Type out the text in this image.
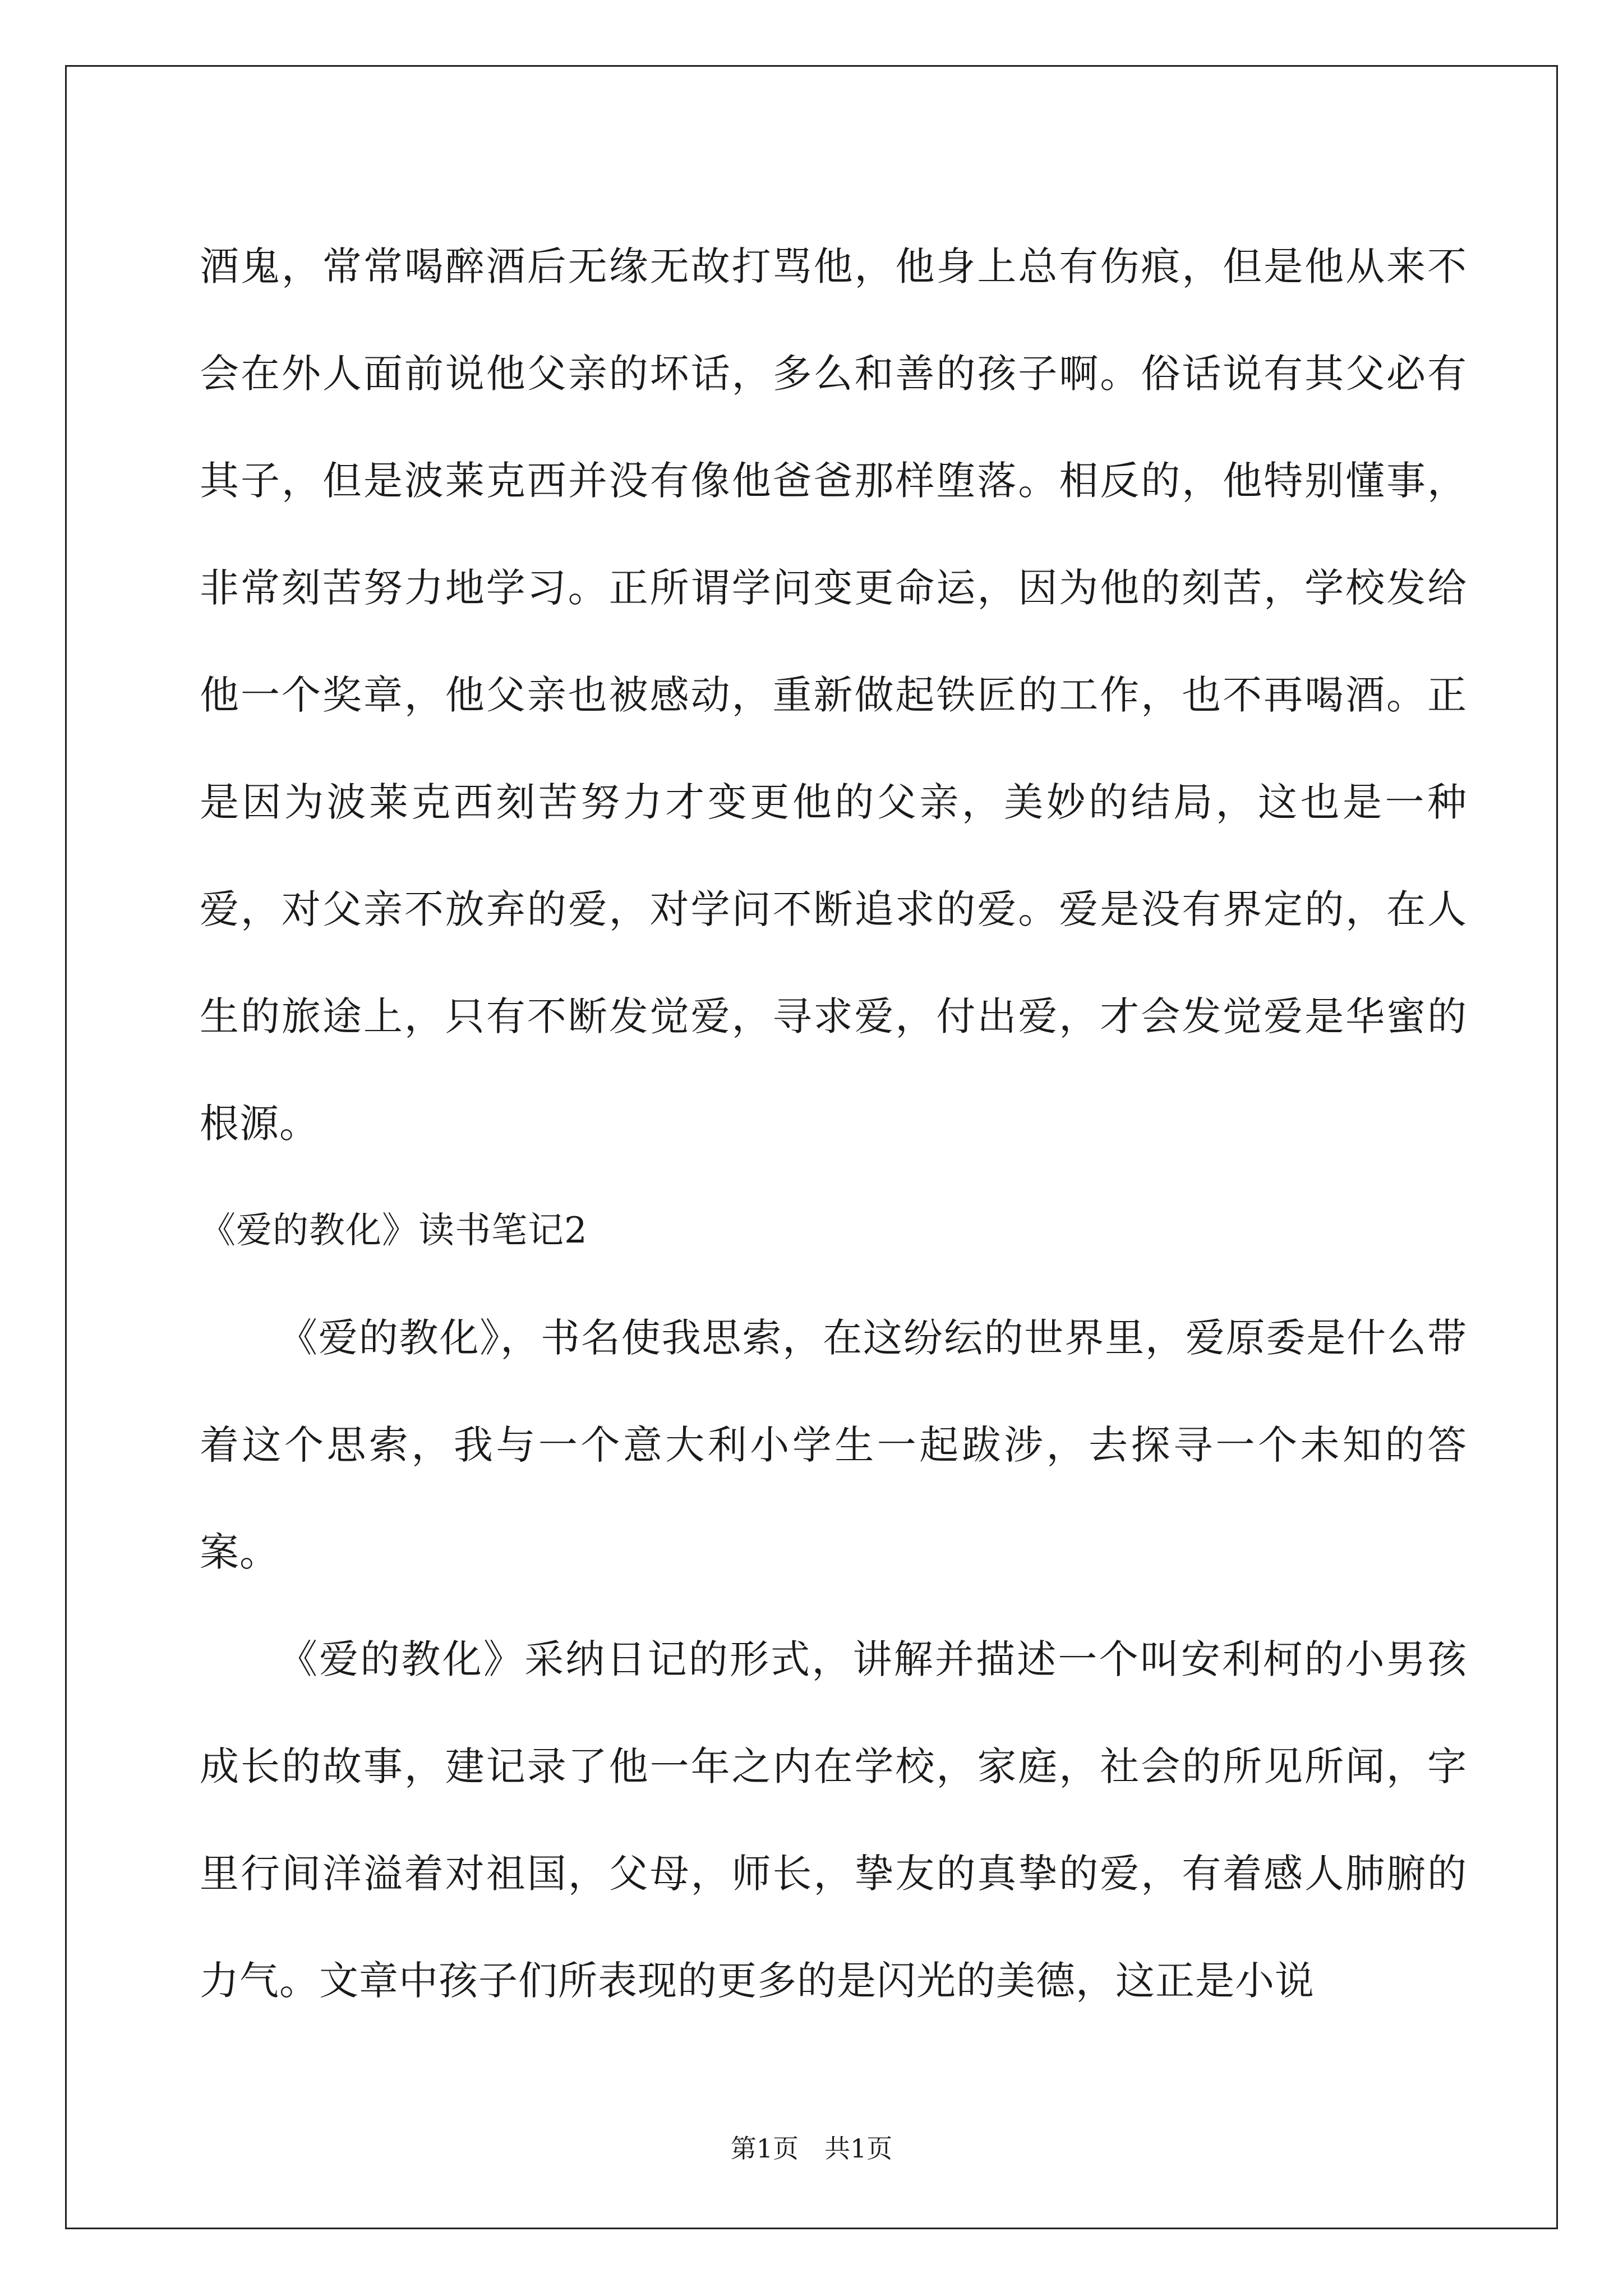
酒鬼，常常喝醉酒后无缘无故打骂他，他身上总有伤痕，但是他从来不会在外人面前说他父亲的坏话，多么和善的孩子啊。俗话说有其父必有其子，但是波莱克西并没有像他爸爸那样堕落。相反的，他特别懂事，非常刻苦努力地学习。正所谓学问变更命运，因为他的刻苦，学校发给他一个奖章，他父亲也被感动，重新做起铁匠的工作，也不再喝酒。正是因为波莱克西刻苦努力才变更他的父亲，美妙的结局，这也是一种爱，对父亲不放弃的爱，对学问不断追求的爱。爱是没有界定的，在人生的旅途上，只有不断发觉爱，寻求爱，付出爱，才会发觉爱是华蜜的根源。

《爱的教化》读书笔记2

《爱的教化》，书名使我思索，在这纷纭的世界里，爱原委是什么带着这个思索，我与一个意大利小学生一起跋涉，去探寻一个未知的答案。

《爱的教化》采纳日记的形式，讲解并描述一个叫安利柯的小男孩成长的故事，建记录了他一年之内在学校，家庭，社会的所见所闻，字里行间洋溢着对祖国，父母，师长，挚友的真挚的爱，有着感人肺腑的力气。文章中孩子们所表现的更多的是闪光的美德，这正是小说

第1页　共1页
